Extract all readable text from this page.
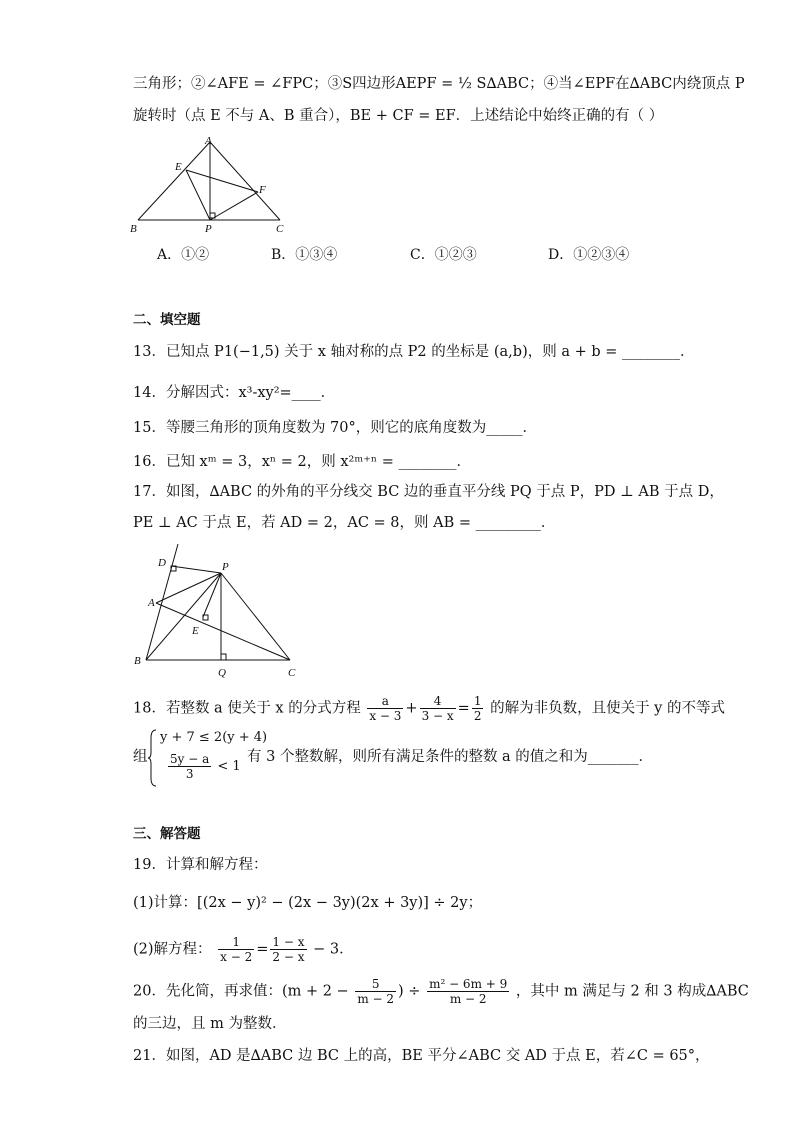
三角形；②∠AFE = ∠FPC；③S四边形AEPF = ½ S∆ABC；④当∠EPF在∆ABC内绕顶点 P
旋转时（点 E 不与 A、B 重合），BE + CF = EF．上述结论中始终正确的有（ ）
A
E
F
B	P	C
A．①②	B．①③④	C．①②③	D．①②③④
二、填空题
13．已知点 P1(−1,5) 关于 x 轴对称的点 P2 的坐标是 (a,b)，则 a + b = ________．
14．分解因式：x³-xy²=____．
15．等腰三角形的顶角度数为 70°，则它的底角度数为_____．
16．已知 xᵐ = 3，xⁿ = 2，则 x²ᵐ⁺ⁿ = ________．
17．如图，∆ABC 的外角的平分线交 BC 边的垂直平分线 PQ 于点 P，PD ⊥ AB 于点 D，
PE ⊥ AC 于点 E，若 AD = 2，AC = 8，则 AB = _________．
D	P
A
E
B
Q	C
18．若整数 a 使关于 x 的分式方程 $\frac{a}{x - 3} + \frac{4}{3 - x} = \frac{1}{2}$ 的解为非负数，且使关于 y 的不等式
组
y + 7 ≤ 2(y + 4)
$\frac{5y - a}{3} < 1$
有 3 个整数解，则所有满足条件的整数 a 的值之和为_______．
三、解答题
19．计算和解方程：
(1)计算：[(2x − y)² − (2x − 3y)(2x + 3y)] ÷ 2y；
(2)解方程： $\frac{1}{x - 2} = \frac{1 - x}{2 - x} - 3$．
20．先化简，再求值：($m + 2 - \frac{5}{m - 2}$ ) ÷ $\frac{\text{m² − 6m + 9}}{m - 2}$ ，其中 m 满足与 2 和 3 构成∆ABC
的三边，且 m 为整数．
21．如图，AD 是∆ABC 边 BC 上的高，BE 平分∠ABC 交 AD 于点 E，若∠C = 65°，
